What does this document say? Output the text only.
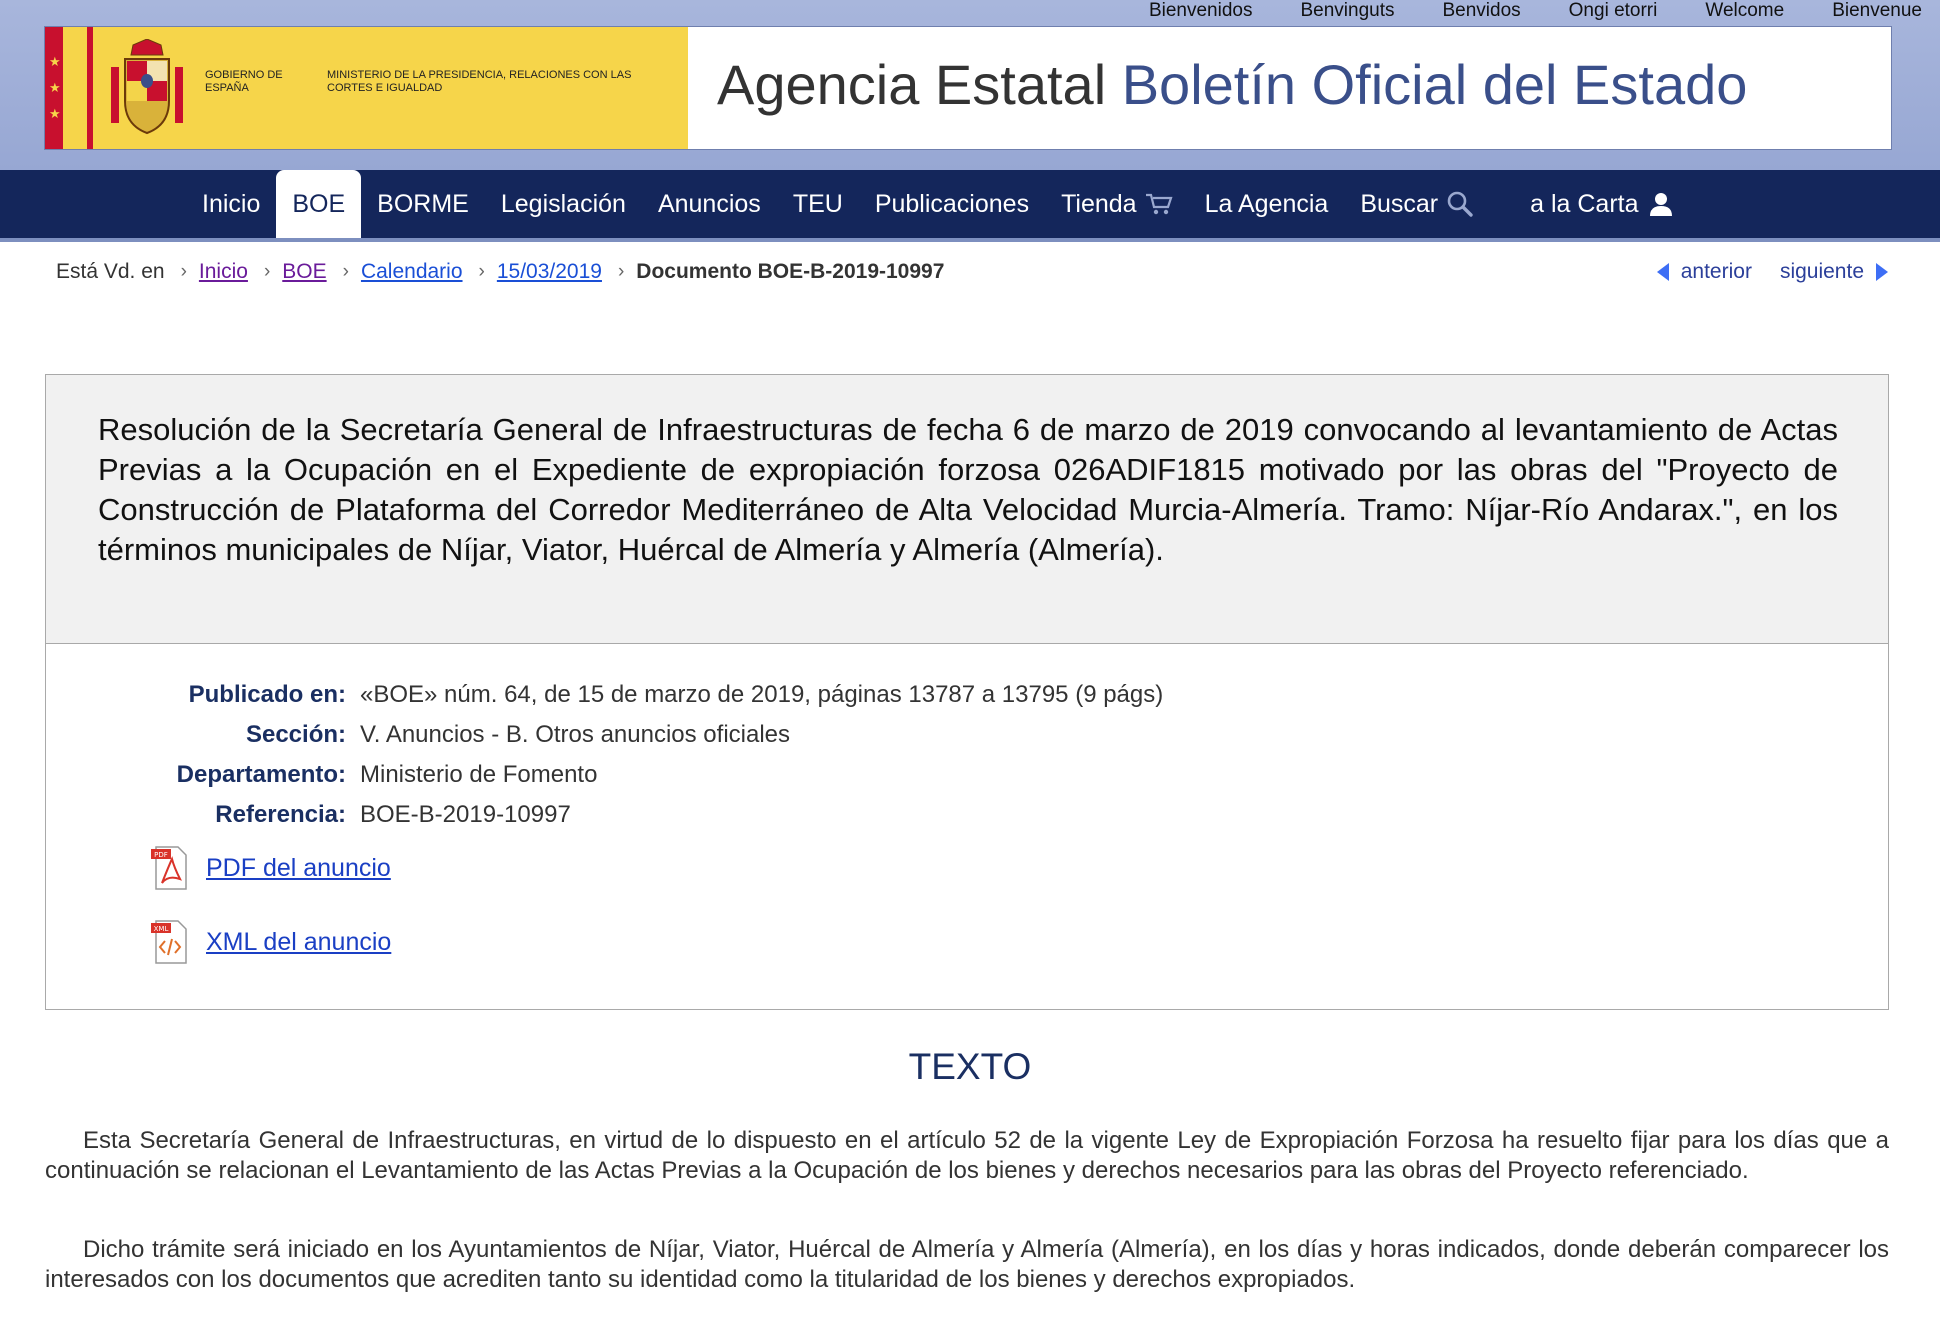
Bienvenidos	Benvinguts	Benvidos	Ongi etorri	Welcome	Bienvenue
★
★
★
GOBIERNO DE ESPAÑA
MINISTERIO DE LA PRESIDENCIA, RELACIONES CON LAS CORTES E IGUALDAD	Agencia Estatal Boletín Oficial del Estado
Inicio BOE BORME Legislación Anuncios TEU Publicaciones Tienda	La Agencia Buscar	a la Carta
Está Vd. en › Inicio › BOE › Calendario › 15/03/2019 › Documento BOE-B-2019-10997	anterior siguiente
Resolución de la Secretaría General de Infraestructuras de fecha 6 de marzo de 2019 convocando al levantamiento de Actas Previas a la Ocupación en el Expediente de expropiación forzosa 026ADIF1815 motivado por las obras del "Proyecto de Construcción de Plataforma del Corredor Mediterráneo de Alta Velocidad Murcia-Almería. Tramo: Níjar-Río Andarax.", en los términos municipales de Níjar, Viator, Huércal de Almería y Almería (Almería).
Publicado en: «BOE» núm. 64, de 15 de marzo de 2019, páginas 13787 a 13795 (9 págs)
Sección: V. Anuncios - B. Otros anuncios oficiales
Departamento: Ministerio de Fomento
Referencia: BOE-B-2019-10997
PDF PDF del anuncio
XML XML del anuncio
TEXTO

Esta Secretaría General de Infraestructuras, en virtud de lo dispuesto en el artículo 52 de la vigente Ley de Expropiación Forzosa ha resuelto fijar para los días que a continuación se relacionan el Levantamiento de las Actas Previas a la Ocupación de los bienes y derechos necesarios para las obras del Proyecto referenciado.

Dicho trámite será iniciado en los Ayuntamientos de Níjar, Viator, Huércal de Almería y Almería (Almería), en los días y horas indicados, donde deberán comparecer los interesados con los documentos que acrediten tanto su identidad como la titularidad de los bienes y derechos expropiados.
